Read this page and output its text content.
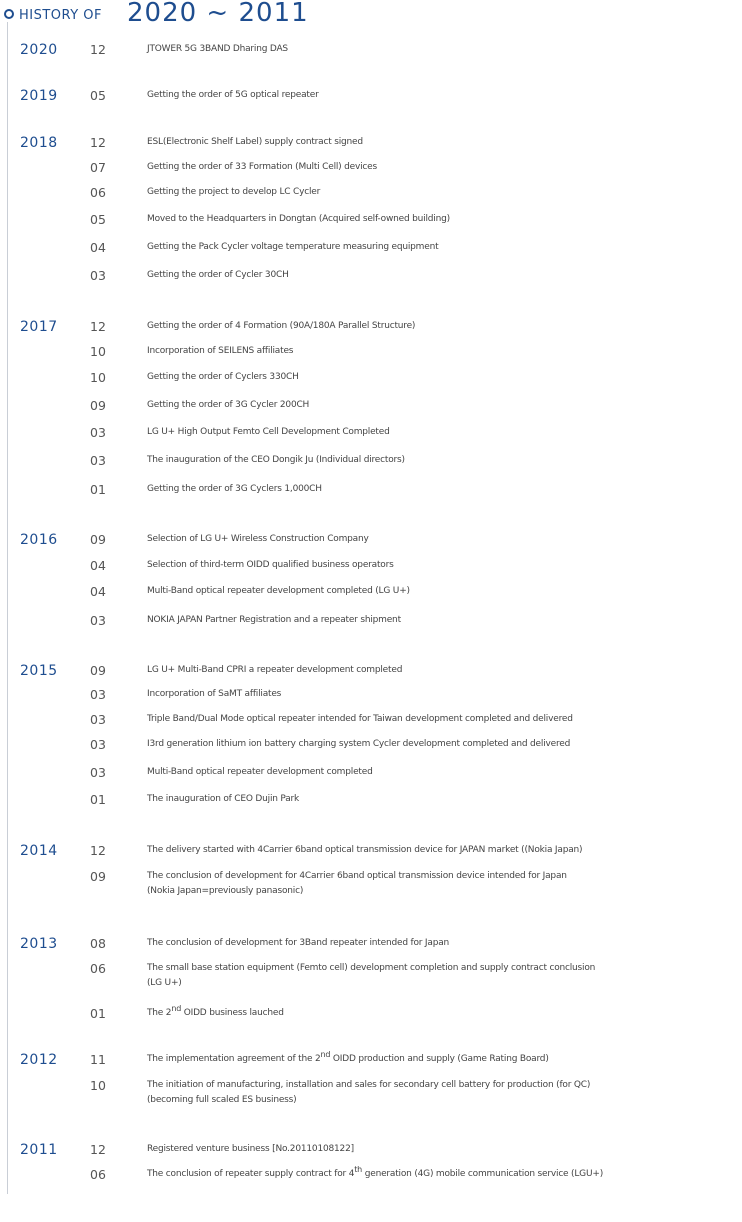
HISTORY OF 2020 ~ 2011
2020	12	JTOWER 5G 3BAND Dharing DAS
2019	05	Getting the order of 5G optical repeater
2018	12	ESL(Electronic Shelf Label) supply contract signed
07	Getting the order of 33 Formation (Multi Cell) devices
06	Getting the project to develop LC Cycler
05	Moved to the Headquarters in Dongtan (Acquired self-owned building)
04	Getting the Pack Cycler voltage temperature measuring equipment
03	Getting the order of Cycler 30CH
2017	12	Getting the order of 4 Formation (90A/180A Parallel Structure)
10	Incorporation of SEILENS affiliates
10	Getting the order of Cyclers 330CH
09	Getting the order of 3G Cycler 200CH
03	LG U+ High Output Femto Cell Development Completed
03	The inauguration of the CEO Dongik Ju (Individual directors)
01	Getting the order of 3G Cyclers 1,000CH
2016	09	Selection of LG U+ Wireless Construction Company
04	Selection of third-term OIDD qualified business operators
04	Multi-Band optical repeater development completed (LG U+)
03	NOKIA JAPAN Partner Registration and a repeater shipment
2015	09	LG U+ Multi-Band CPRI a repeater development completed
03	Incorporation of SaMT affiliates
03	Triple Band/Dual Mode optical repeater intended for Taiwan development completed and delivered
03	I3rd generation lithium ion battery charging system Cycler development completed and delivered
03	Multi-Band optical repeater development completed
01	The inauguration of CEO Dujin Park
2014	12	The delivery started with 4Carrier 6band optical transmission device for JAPAN market ((Nokia Japan)
09	The conclusion of development for 4Carrier 6band optical transmission device intended for Japan
(Nokia Japan=previously panasonic)
2013	08	The conclusion of development for 3Band repeater intended for Japan
06	The small base station equipment (Femto cell) development completion and supply contract conclusion
(LG U+)
01	The 2nd OIDD business lauched
2012	11	The implementation agreement of the 2nd OIDD production and supply (Game Rating Board)
10	The initiation of manufacturing, installation and sales for secondary cell battery for production (for QC)
(becoming full scaled ES business)
2011	12	Registered venture business [No.20110108122]
06	The conclusion of repeater supply contract for 4th generation (4G) mobile communication service (LGU+)
